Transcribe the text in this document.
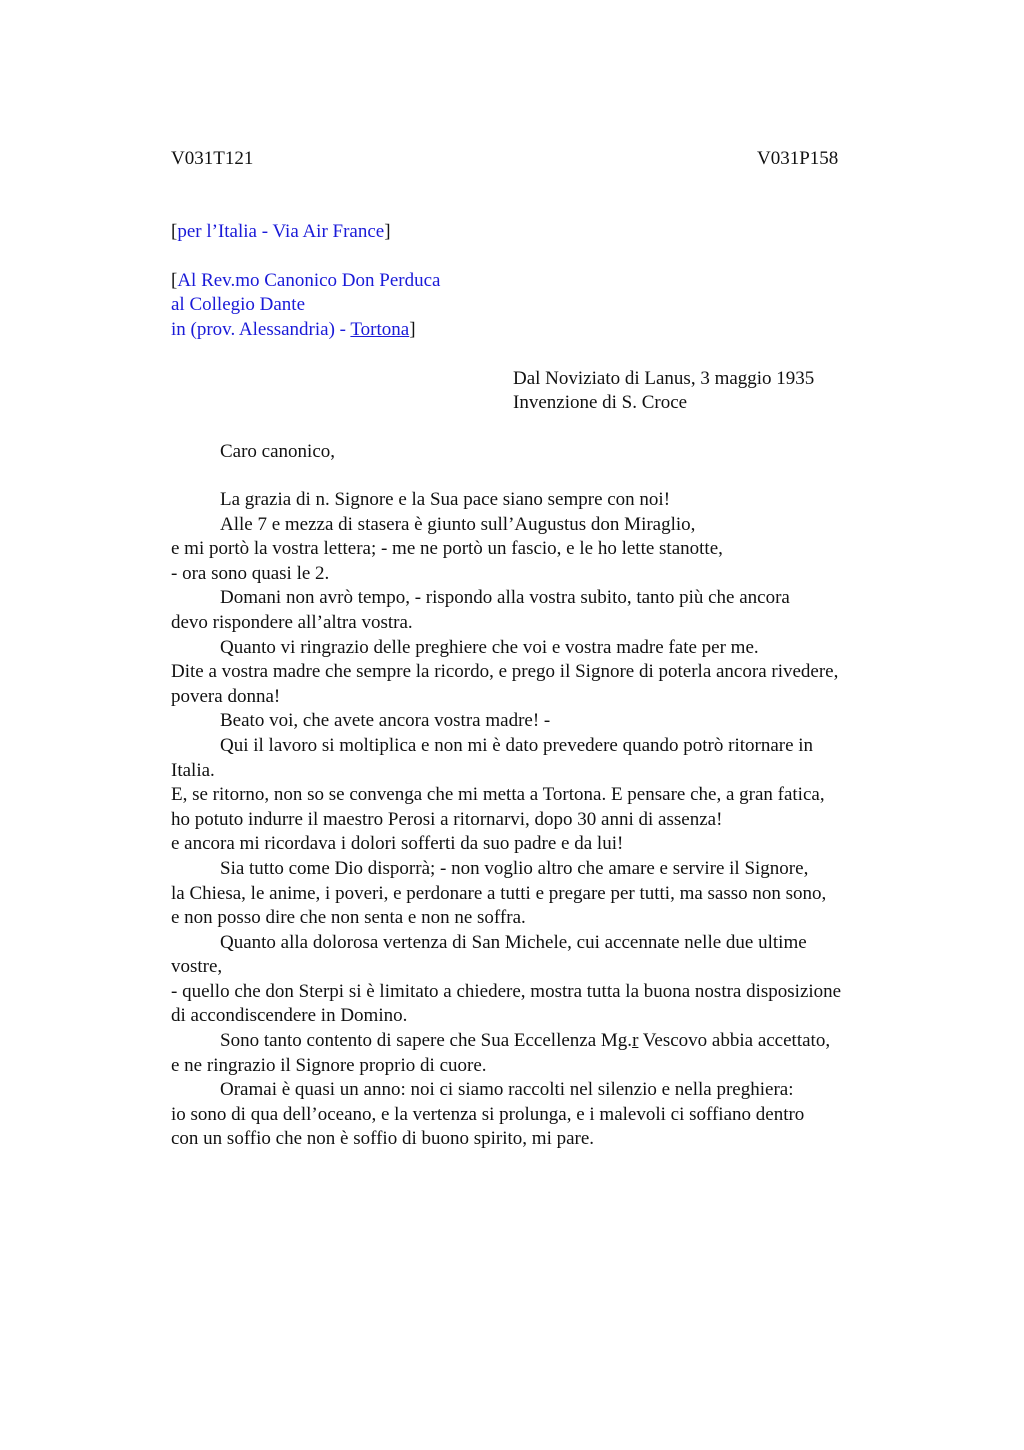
V031T121	V031P158
[per l’Italia - Via Air France]
[Al Rev.mo Canonico Don Perduca
al Collegio Dante
in (prov. Alessandria) - Tortona]
Dal Noviziato di Lanus, 3 maggio 1935
Invenzione di S. Croce
Caro canonico,
La grazia di n. Signore e la Sua pace siano sempre con noi!
Alle 7 e mezza di stasera è giunto sull’Augustus don Miraglio,
e mi portò la vostra lettera; - me ne portò un fascio, e le ho lette stanotte,
- ora sono quasi le 2.
Domani non avrò tempo, - rispondo alla vostra subito, tanto più che ancora
devo rispondere all’altra vostra.
Quanto vi ringrazio delle preghiere che voi e vostra madre fate per me.
Dite a vostra madre che sempre la ricordo, e prego il Signore di poterla ancora rivedere,
povera donna!
Beato voi, che avete ancora vostra madre! -
Qui il lavoro si moltiplica e non mi è dato prevedere quando potrò ritornare in
Italia.
E, se ritorno, non so se convenga che mi metta a Tortona. E pensare che, a gran fatica,
ho potuto indurre il maestro Perosi a ritornarvi, dopo 30 anni di assenza!
e ancora mi ricordava i dolori sofferti da suo padre e da lui!
Sia tutto come Dio disporrà; - non voglio altro che amare e servire il Signore,
la Chiesa, le anime, i poveri, e perdonare a tutti e pregare per tutti, ma sasso non sono,
e non posso dire che non senta e non ne soffra.
Quanto alla dolorosa vertenza di San Michele, cui accennate nelle due ultime
vostre,
- quello che don Sterpi si è limitato a chiedere, mostra tutta la buona nostra disposizione
di accondiscendere in Domino.
Sono tanto contento di sapere che Sua Eccellenza Mg.r Vescovo abbia accettato,
e ne ringrazio il Signore proprio di cuore.
Oramai è quasi un anno: noi ci siamo raccolti nel silenzio e nella preghiera:
io sono di qua dell’oceano, e la vertenza si prolunga, e i malevoli ci soffiano dentro
con un soffio che non è soffio di buono spirito, mi pare.
